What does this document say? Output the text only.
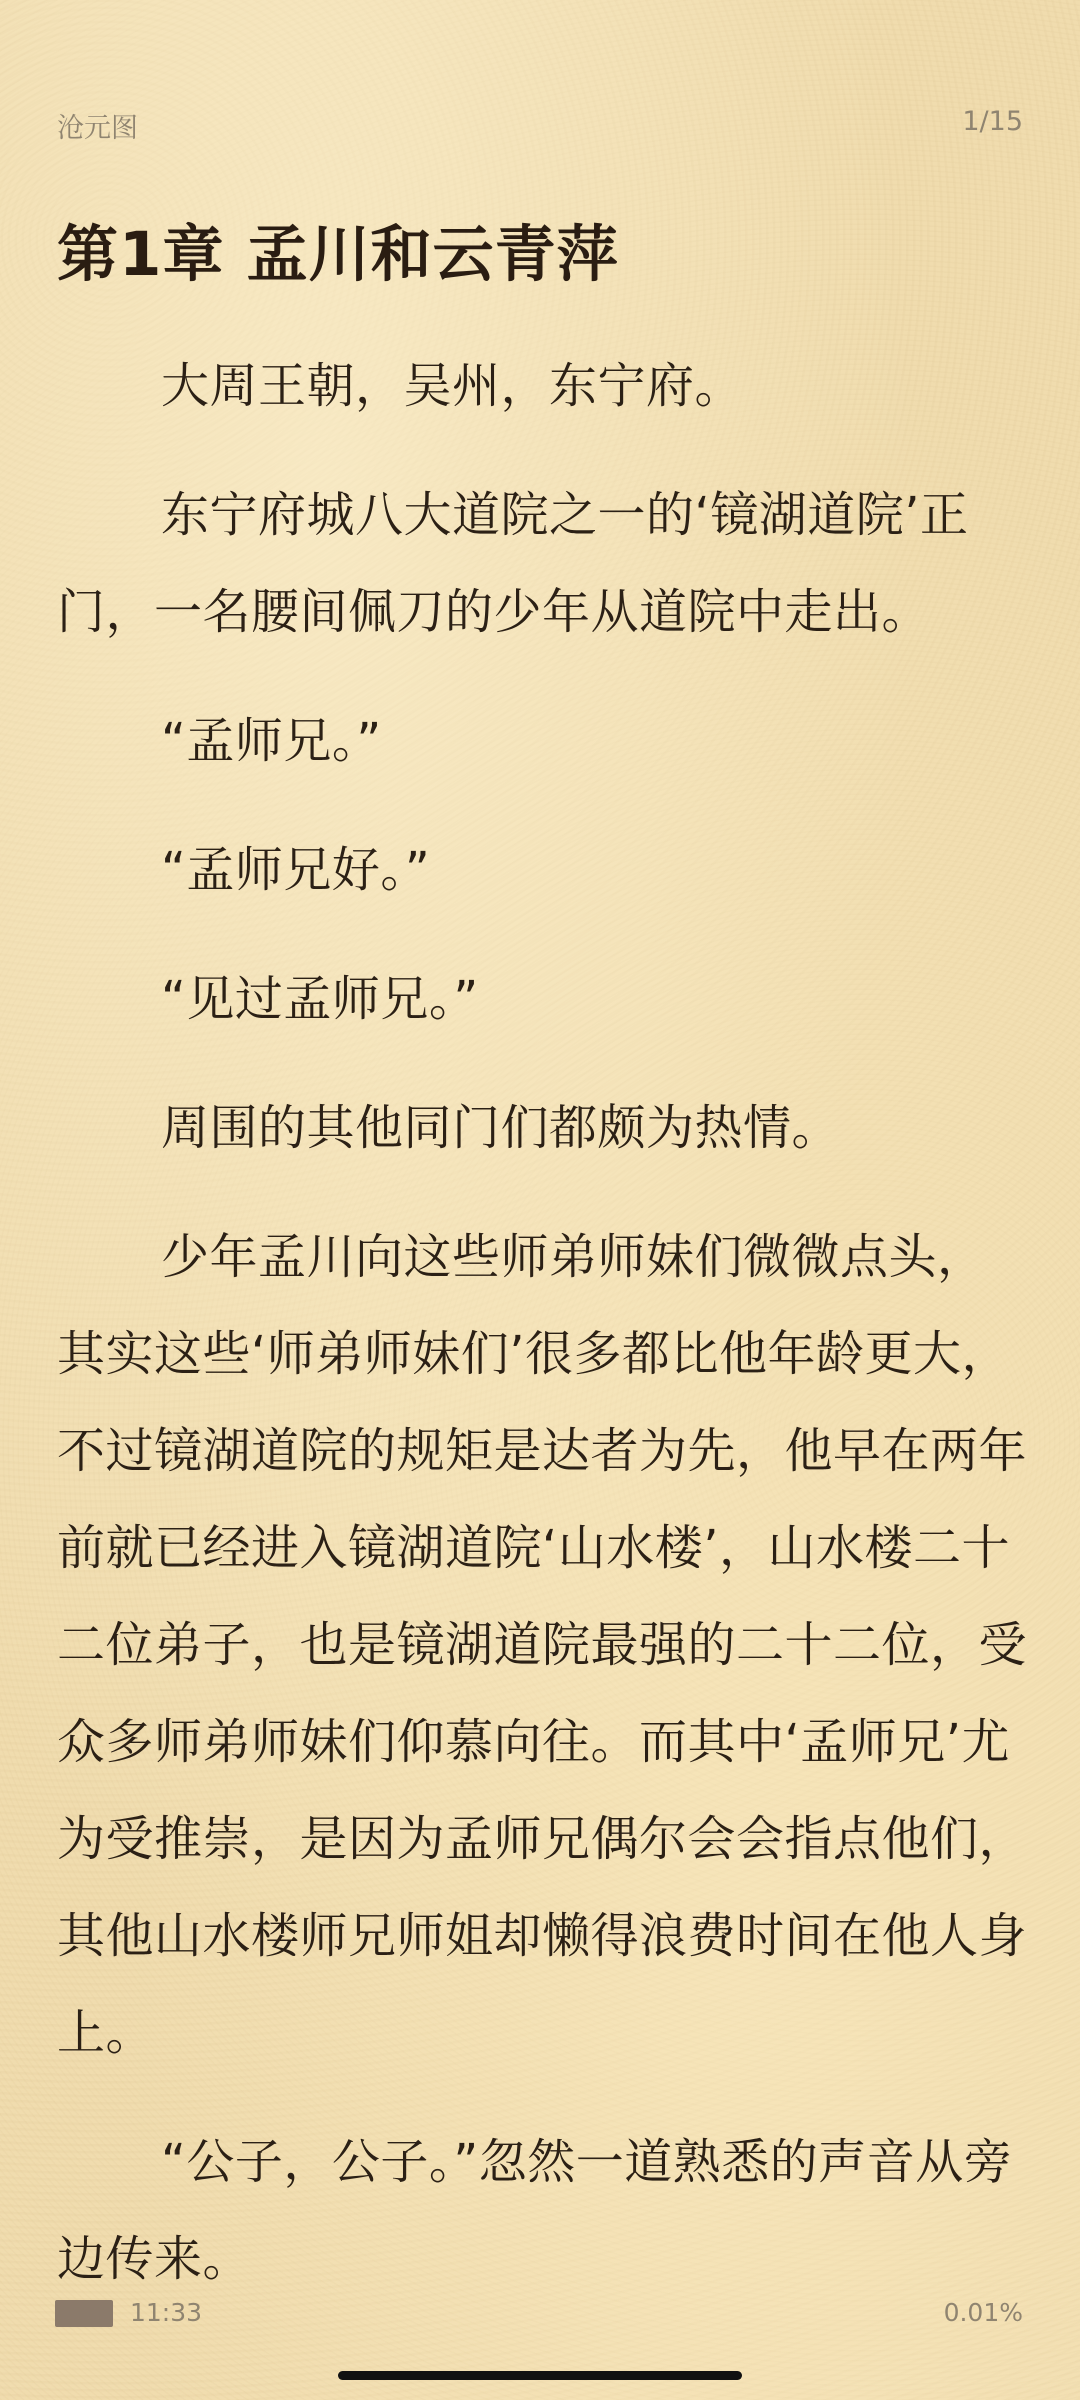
沧元图	1/15
第1章 孟川和云青萍

大周王朝，吴州，东宁府。

东宁府城八大道院之一的‘镜湖道院’正门，一名腰间佩刀的少年从道院中走出。

“孟师兄。”

“孟师兄好。”

“见过孟师兄。”

周围的其他同门们都颇为热情。

少年孟川向这些师弟师妹们微微点头，其实这些‘师弟师妹们’很多都比他年龄更大，不过镜湖道院的规矩是达者为先，他早在两年前就已经进入镜湖道院‘山水楼’，山水楼二十二位弟子，也是镜湖道院最强的二十二位，受众多师弟师妹们仰慕向往。而其中‘孟师兄’尤为受推崇，是因为孟师兄偶尔会会指点他们，其他山水楼师兄师姐却懒得浪费时间在他人身上。

“公子，公子。”忽然一道熟悉的声音从旁边传来。

11:33	0.01%
